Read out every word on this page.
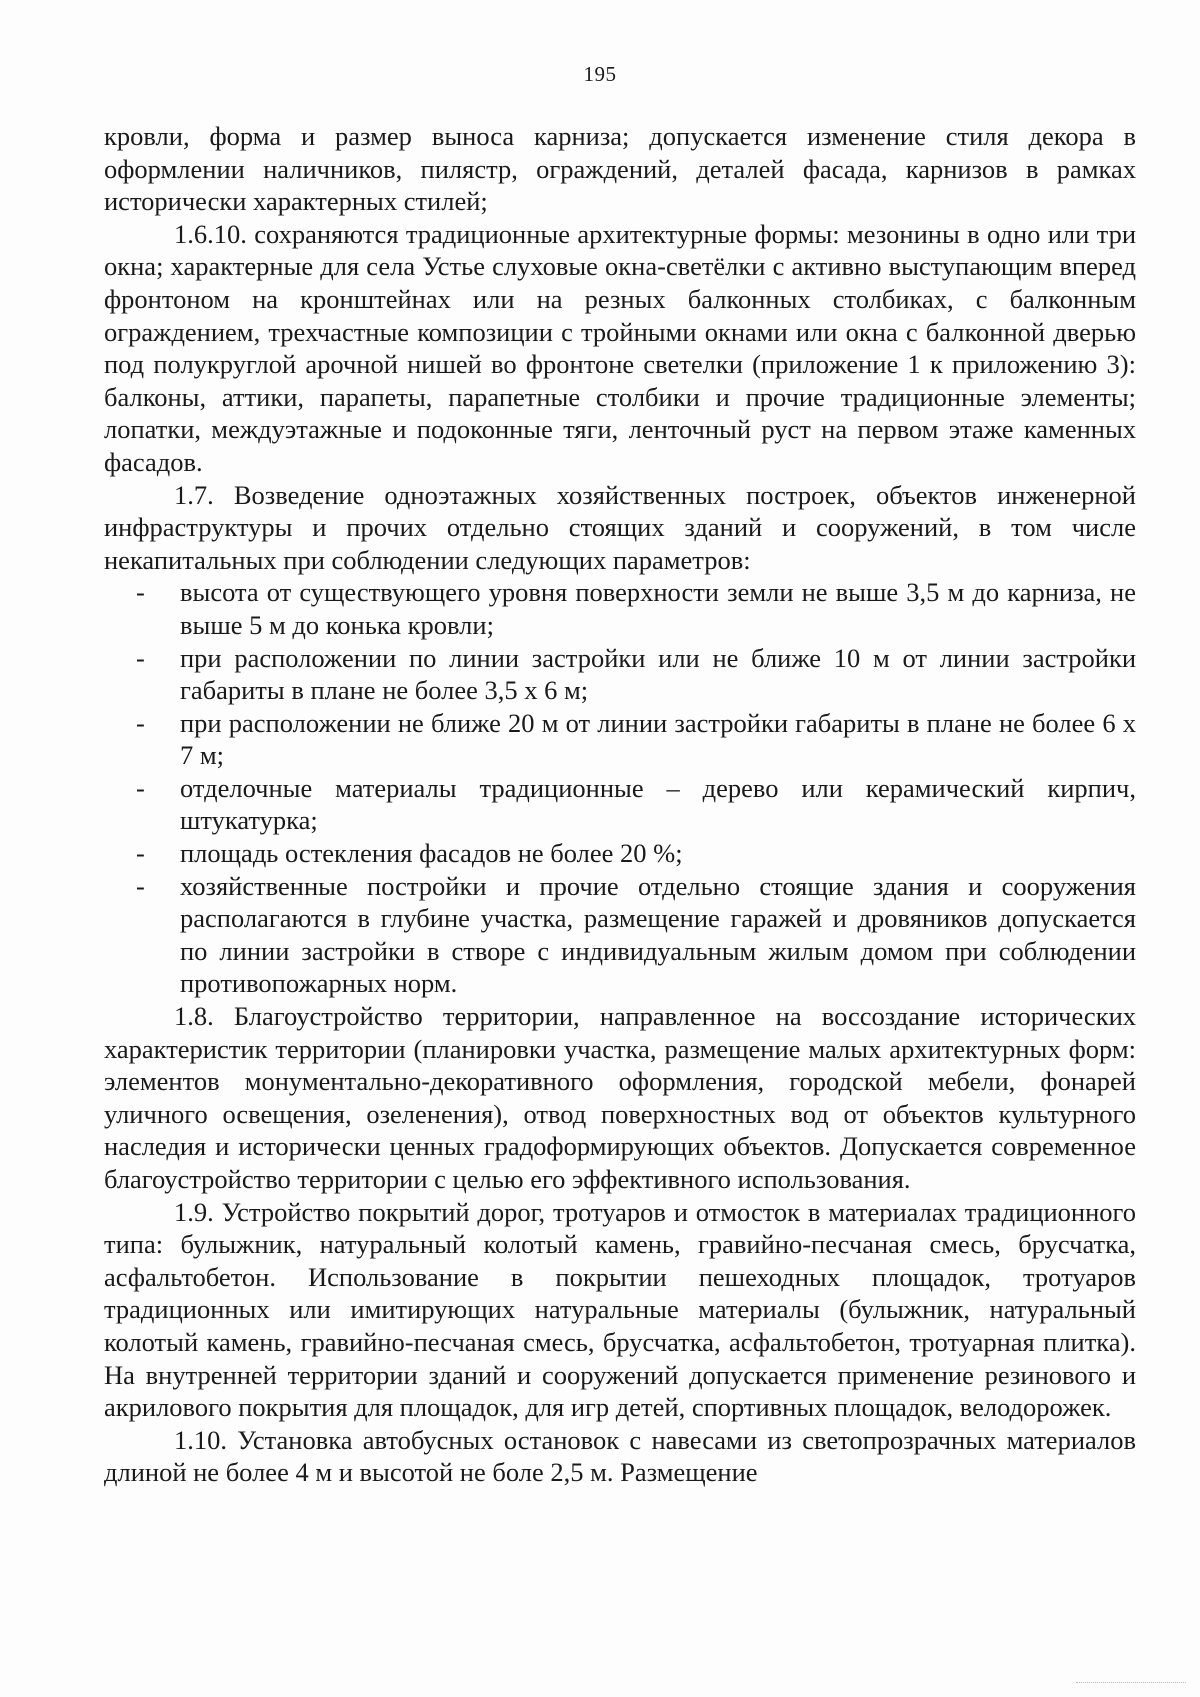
195

кровли, форма и размер выноса карниза; допускается изменение стиля декора в оформлении наличников, пилястр, ограждений, деталей фасада, карнизов в рамках исторически характерных стилей;

1.6.10. сохраняются традиционные архитектурные формы: мезонины в одно или три окна; характерные для села Устье слуховые окна-светёлки с активно выступающим вперед фронтоном на кронштейнах или на резных балконных столбиках, с балконным ограждением, трехчастные композиции с тройными окнами или окна с балконной дверью под полукруглой арочной нишей во фронтоне светелки (приложение 1 к приложению 3): балконы, аттики, парапеты, парапетные столбики и прочие традиционные элементы; лопатки, междуэтажные и подоконные тяги, ленточный руст на первом этаже каменных фасадов.

1.7. Возведение одноэтажных хозяйственных построек, объектов инженерной инфраструктуры и прочих отдельно стоящих зданий и сооружений, в том числе некапитальных при соблюдении следующих параметров:

- высота от существующего уровня поверхности земли не выше 3,5 м до карниза, не выше 5 м до конька кровли;
- при расположении по линии застройки или не ближе 10 м от линии застройки габариты в плане не более 3,5 х 6 м;
- при расположении не ближе 20 м от линии застройки габариты в плане не более 6 х 7 м;
- отделочные материалы традиционные – дерево или керамический кирпич, штукатурка;
- площадь остекления фасадов не более 20 %;
- хозяйственные постройки и прочие отдельно стоящие здания и сооружения располагаются в глубине участка, размещение гаражей и дровяников допускается по линии застройки в створе с индивидуальным жилым домом при соблюдении противопожарных норм.

1.8. Благоустройство территории, направленное на воссоздание исторических характеристик территории (планировки участка, размещение малых архитектурных форм: элементов монументально-декоративного оформления, городской мебели, фонарей уличного освещения, озеленения), отвод поверхностных вод от объектов культурного наследия и исторически ценных градоформирующих объектов. Допускается современное благоустройство территории с целью его эффективного использования.

1.9. Устройство покрытий дорог, тротуаров и отмосток в материалах традиционного типа: булыжник, натуральный колотый камень, гравийно-песчаная смесь, брусчатка, асфальтобетон. Использование в покрытии пешеходных площадок, тротуаров традиционных или имитирующих натуральные материалы (булыжник, натуральный колотый камень, гравийно-песчаная смесь, брусчатка, асфальтобетон, тротуарная плитка). На внутренней территории зданий и сооружений допускается применение резинового и акрилового покрытия для площадок, для игр детей, спортивных площадок, велодорожек.

1.10. Установка автобусных остановок с навесами из светопрозрачных материалов длиной не более 4 м и высотой не боле 2,5 м. Размещение
